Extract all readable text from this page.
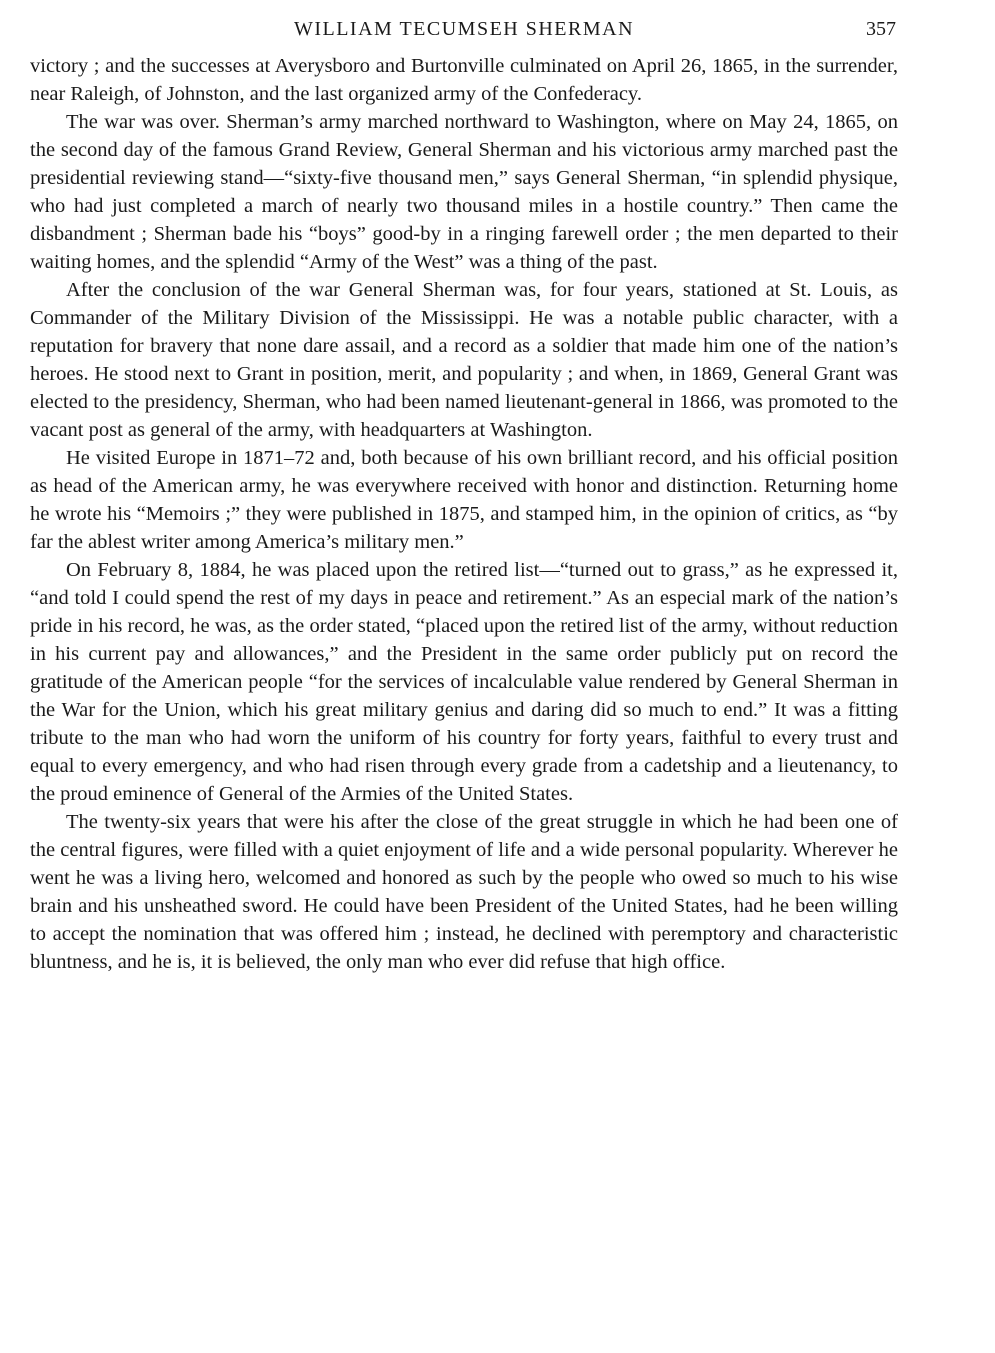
WILLIAM TECUMSEH SHERMAN	357

victory ; and the successes at Averysboro and Burtonville culminated on April 26, 1865, in the surrender, near Raleigh, of Johnston, and the last organized army of the Confederacy.

The war was over. Sherman’s army marched northward to Washington, where on May 24, 1865, on the second day of the famous Grand Review, General Sherman and his victorious army marched past the presidential reviewing stand—“sixty-five thousand men,” says General Sherman, “in splendid physique, who had just completed a march of nearly two thousand miles in a hostile country.” Then came the disbandment ; Sherman bade his “boys” good-by in a ringing farewell order ; the men departed to their waiting homes, and the splendid “Army of the West” was a thing of the past.

After the conclusion of the war General Sherman was, for four years, stationed at St. Louis, as Commander of the Military Division of the Mississippi. He was a notable public character, with a reputation for bravery that none dare assail, and a record as a soldier that made him one of the nation’s heroes. He stood next to Grant in position, merit, and popularity ; and when, in 1869, General Grant was elected to the presidency, Sherman, who had been named lieutenant-general in 1866, was promoted to the vacant post as general of the army, with headquarters at Washington.

He visited Europe in 1871–72 and, both because of his own brilliant record, and his official position as head of the American army, he was everywhere received with honor and distinction. Returning home he wrote his “Memoirs ;” they were published in 1875, and stamped him, in the opinion of critics, as “by far the ablest writer among America’s military men.”

On February 8, 1884, he was placed upon the retired list—“turned out to grass,” as he expressed it, “and told I could spend the rest of my days in peace and retirement.” As an especial mark of the nation’s pride in his record, he was, as the order stated, “placed upon the retired list of the army, without reduction in his current pay and allowances,” and the President in the same order publicly put on record the gratitude of the American people “for the services of incalculable value rendered by General Sherman in the War for the Union, which his great military genius and daring did so much to end.” It was a fitting tribute to the man who had worn the uniform of his country for forty years, faithful to every trust and equal to every emergency, and who had risen through every grade from a cadetship and a lieutenancy, to the proud eminence of General of the Armies of the United States.

The twenty-six years that were his after the close of the great struggle in which he had been one of the central figures, were filled with a quiet enjoyment of life and a wide personal popularity. Wherever he went he was a living hero, welcomed and honored as such by the people who owed so much to his wise brain and his unsheathed sword. He could have been President of the United States, had he been willing to accept the nomination that was offered him ; instead, he declined with peremptory and characteristic bluntness, and he is, it is believed, the only man who ever did refuse that high office.
